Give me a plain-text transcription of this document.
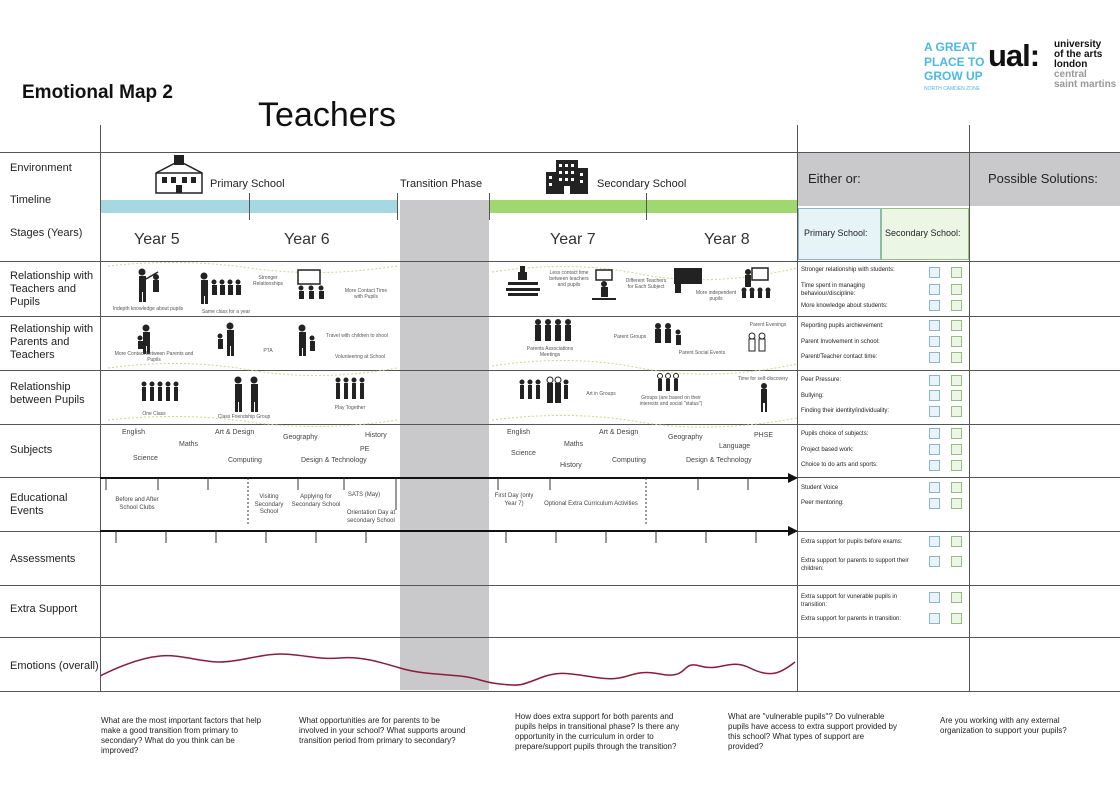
Emotional Map 2
Teachers
A GREAT
PLACE TO
GROW UP
NORTH CAMDEN ZONE
ual: university
of the arts
london
central
saint martins
Either or:	Possible Solutions:
Primary School: Secondary School:
Environment
Timeline
Stages (Years)
Relationship with
Teachers and
Pupils
Relationship with
Parents and
Teachers
Relationship
between Pupils
Subjects
Educational
Events
Assessments
Extra Support
Emotions (overall)
Primary School	Transition Phase	Secondary School
Year 5	Year 6	Year 7	Year 8
Indepth knowledge about pupils	Same class for a year
Stronger Relationships
More Contact Time with Pupils
Less contact time between teachers and pupils
Different Teachers for Each Subject
More independent pupils
More Contact between Parents and Pupils
PTA
Travel with children to shool
Volunteering at School
Parents Associations Meetings
Parent Groups
Parent Social Events
Parent Evenings
One Class	Class Friendship Group
Play Together
Art in Groups
Groups (are based on their interests and social "status")
Time for self-discovery
English
Maths
Art & Design
Geography	History
Science	Computing	Design & Technology
PE
English
Maths
Art & Design
Geography	PHSE
Science
History
Computing
Language
Design & Technology
Before and After School Clubs
Visiting Secondary School
Applying for Secondary School
SATS (May)
Orientation Day at secondary School
First Day (only Year 7)	Optional Extra Curriculum Activities
Stronger relationship with students:
Time spent in managing behaviour/discipline:
More knowledge about students:
Reporting pupils archievement:
Parent Involvement in school:
Parent/Teacher contact time:
Peer Pressure:
Bullying:
Finding their identity/individuality:
Pupils choice of subjects:
Project based work:
Choice to do arts and sports:
Student Voice
Peer mentoring:
Extra support for pupils before exams:
Extra support for parents to support their children:
Extra support for vunerable pupils in transition:
Extra support for parents in transition:
What are the most important factors that help make a good transition from primary to secondary? What do you think can be improved?
What opportunities are for parents to be involved in your school? What supports around transition period from primary to secondary?
How does extra support for both parents and pupils helps in transitional phase? Is there any opportunity in the curriculum in order to prepare/support pupils through the transition?
What are "vulnerable pupils"? Do vulnerable pupils have access to extra support provided by this school? What types of support are provided?
Are you working with any external organization to support your pupils?
